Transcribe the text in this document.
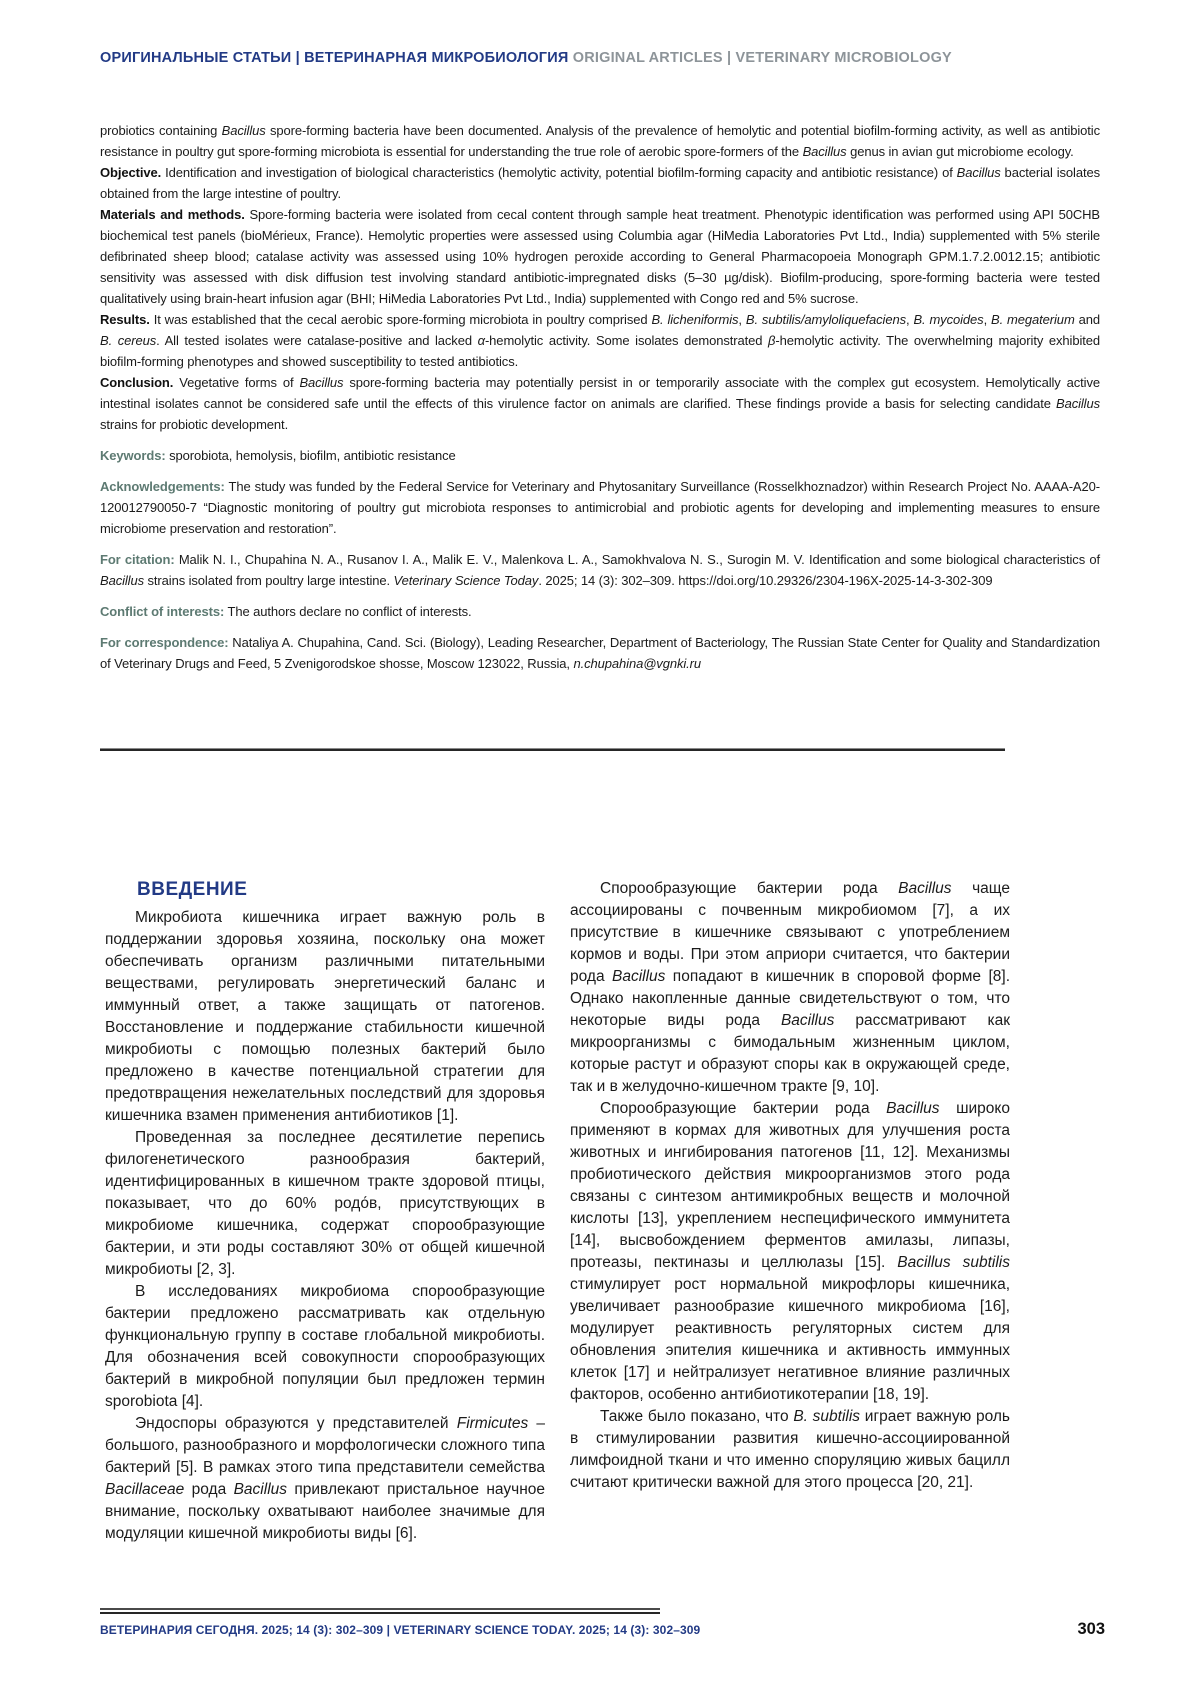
ОРИГИНАЛЬНЫЕ СТАТЬИ | ВЕТЕРИНАРНАЯ МИКРОБИОЛОГИЯ ORIGINAL ARTICLES | VETERINARY MICROBIOLOGY

probiotics containing Bacillus spore-forming bacteria have been documented. Analysis of the prevalence of hemolytic and potential biofilm-forming activity, as well as antibiotic resistance in poultry gut spore-forming microbiota is essential for understanding the true role of aerobic spore-formers of the Bacillus genus in avian gut microbiome ecology.

Objective. Identification and investigation of biological characteristics (hemolytic activity, potential biofilm-forming capacity and antibiotic resistance) of Bacillus bacterial isolates obtained from the large intestine of poultry.

Materials and methods. Spore-forming bacteria were isolated from cecal content through sample heat treatment. Phenotypic identification was performed using API 50CHB biochemical test panels (bioMérieux, France). Hemolytic properties were assessed using Columbia agar (HiMedia Laboratories Pvt Ltd., India) supplemented with 5% sterile defibrinated sheep blood; catalase activity was assessed using 10% hydrogen peroxide according to General Pharmacopoeia Monograph GPM.1.7.2.0012.15; antibiotic sensitivity was assessed with disk diffusion test involving standard antibiotic-impregnated disks (5–30 µg/disk). Biofilm-producing, spore-forming bacteria were tested qualitatively using brain-heart infusion agar (BHI; HiMedia Laboratories Pvt Ltd., India) supplemented with Congo red and 5% sucrose.

Results. It was established that the cecal aerobic spore-forming microbiota in poultry comprised B. licheniformis, B. subtilis/amyloliquefaciens, B. mycoides, B. megaterium and B. cereus. All tested isolates were catalase-positive and lacked α-hemolytic activity. Some isolates demonstrated β-hemolytic activity. The overwhelming majority exhibited biofilm-forming phenotypes and showed susceptibility to tested antibiotics.

Conclusion. Vegetative forms of Bacillus spore-forming bacteria may potentially persist in or temporarily associate with the complex gut ecosystem. Hemolytically active intestinal isolates cannot be considered safe until the effects of this virulence factor on animals are clarified. These findings provide a basis for selecting candidate Bacillus strains for probiotic development.

Keywords: sporobiota, hemolysis, biofilm, antibiotic resistance

Acknowledgements: The study was funded by the Federal Service for Veterinary and Phytosanitary Surveillance (Rosselkhoznadzor) within Research Project No. AAAA-A20-120012790050-7 “Diagnostic monitoring of poultry gut microbiota responses to antimicrobial and probiotic agents for developing and implementing measures to ensure microbiome preservation and restoration”.

For citation: Malik N. I., Chupahina N. A., Rusanov I. A., Malik E. V., Malenkova L. A., Samokhvalova N. S., Surogin M. V. Identification and some biological characteristics of Bacillus strains isolated from poultry large intestine. Veterinary Science Today. 2025; 14 (3): 302–309. https://doi.org/10.29326/2304-196X-2025-14-3-302-309

Conflict of interests: The authors declare no conflict of interests.

For correspondence: Nataliya A. Chupahina, Cand. Sci. (Biology), Leading Researcher, Department of Bacteriology, The Russian State Center for Quality and Standardization of Veterinary Drugs and Feed, 5 Zvenigorodskoe shosse, Moscow 123022, Russia, n.chupahina@vgnki.ru

ВВЕДЕНИЕ

Микробиота кишечника играет важную роль в поддержании здоровья хозяина, поскольку она может обеспечивать организм различными питательными веществами, регулировать энергетический баланс и иммунный ответ, а также защищать от патогенов. Восстановление и поддержание стабильности кишечной микробиоты с помощью полезных бактерий было предложено в качестве потенциальной стратегии для предотвращения нежелательных последствий для здоровья кишечника взамен применения антибиотиков [1].

Проведенная за последнее десятилетие перепись филогенетического разнообразия бактерий, идентифицированных в кишечном тракте здоровой птицы, показывает, что до 60% родо́в, присутствующих в микробиоме кишечника, содержат спорообразующие бактерии, и эти роды составляют 30% от общей кишечной микробиоты [2, 3].

В исследованиях микробиома спорообразующие бактерии предложено рассматривать как отдельную функциональную группу в составе глобальной микробиоты. Для обозначения всей совокупности спорообразующих бактерий в микробной популяции был предложен термин sporobiota [4].

Эндоспоры образуются у представителей Firmicutes – большого, разнообразного и морфологически сложного типа бактерий [5]. В рамках этого типа представители семейства Bacillaceae рода Bacillus привлекают пристальное научное внимание, поскольку охватывают наиболее значимые для модуляции кишечной микробиоты виды [6].

Спорообразующие бактерии рода Bacillus чаще ассоциированы с почвенным микробиомом [7], а их присутствие в кишечнике связывают с употреблением кормов и воды. При этом априори считается, что бактерии рода Bacillus попадают в кишечник в споровой форме [8]. Однако накопленные данные свидетельствуют о том, что некоторые виды рода Bacillus рассматривают как микроорганизмы с бимодальным жизненным циклом, которые растут и образуют споры как в окружающей среде, так и в желудочно-кишечном тракте [9, 10].

Спорообразующие бактерии рода Bacillus широко применяют в кормах для животных для улучшения роста животных и ингибирования патогенов [11, 12]. Механизмы пробиотического действия микроорганизмов этого рода связаны с синтезом антимикробных веществ и молочной кислоты [13], укреплением неспецифического иммунитета [14], высвобождением ферментов амилазы, липазы, протеазы, пектиназы и целлюлазы [15]. Bacillus subtilis стимулирует рост нормальной микрофлоры кишечника, увеличивает разнообразие кишечного микробиома [16], модулирует реактивность регуляторных систем для обновления эпителия кишечника и активность иммунных клеток [17] и нейтрализует негативное влияние различных факторов, особенно антибиотикотерапии [18, 19].

Также было показано, что B. subtilis играет важную роль в стимулировании развития кишечно-ассоциированной лимфоидной ткани и что именно споруляцию живых бацилл считают критически важной для этого процесса [20, 21].

ВЕТЕРИНАРИЯ СЕГОДНЯ. 2025; 14 (3): 302–309 | VETERINARY SCIENCE TODAY. 2025; 14 (3): 302–309	303
